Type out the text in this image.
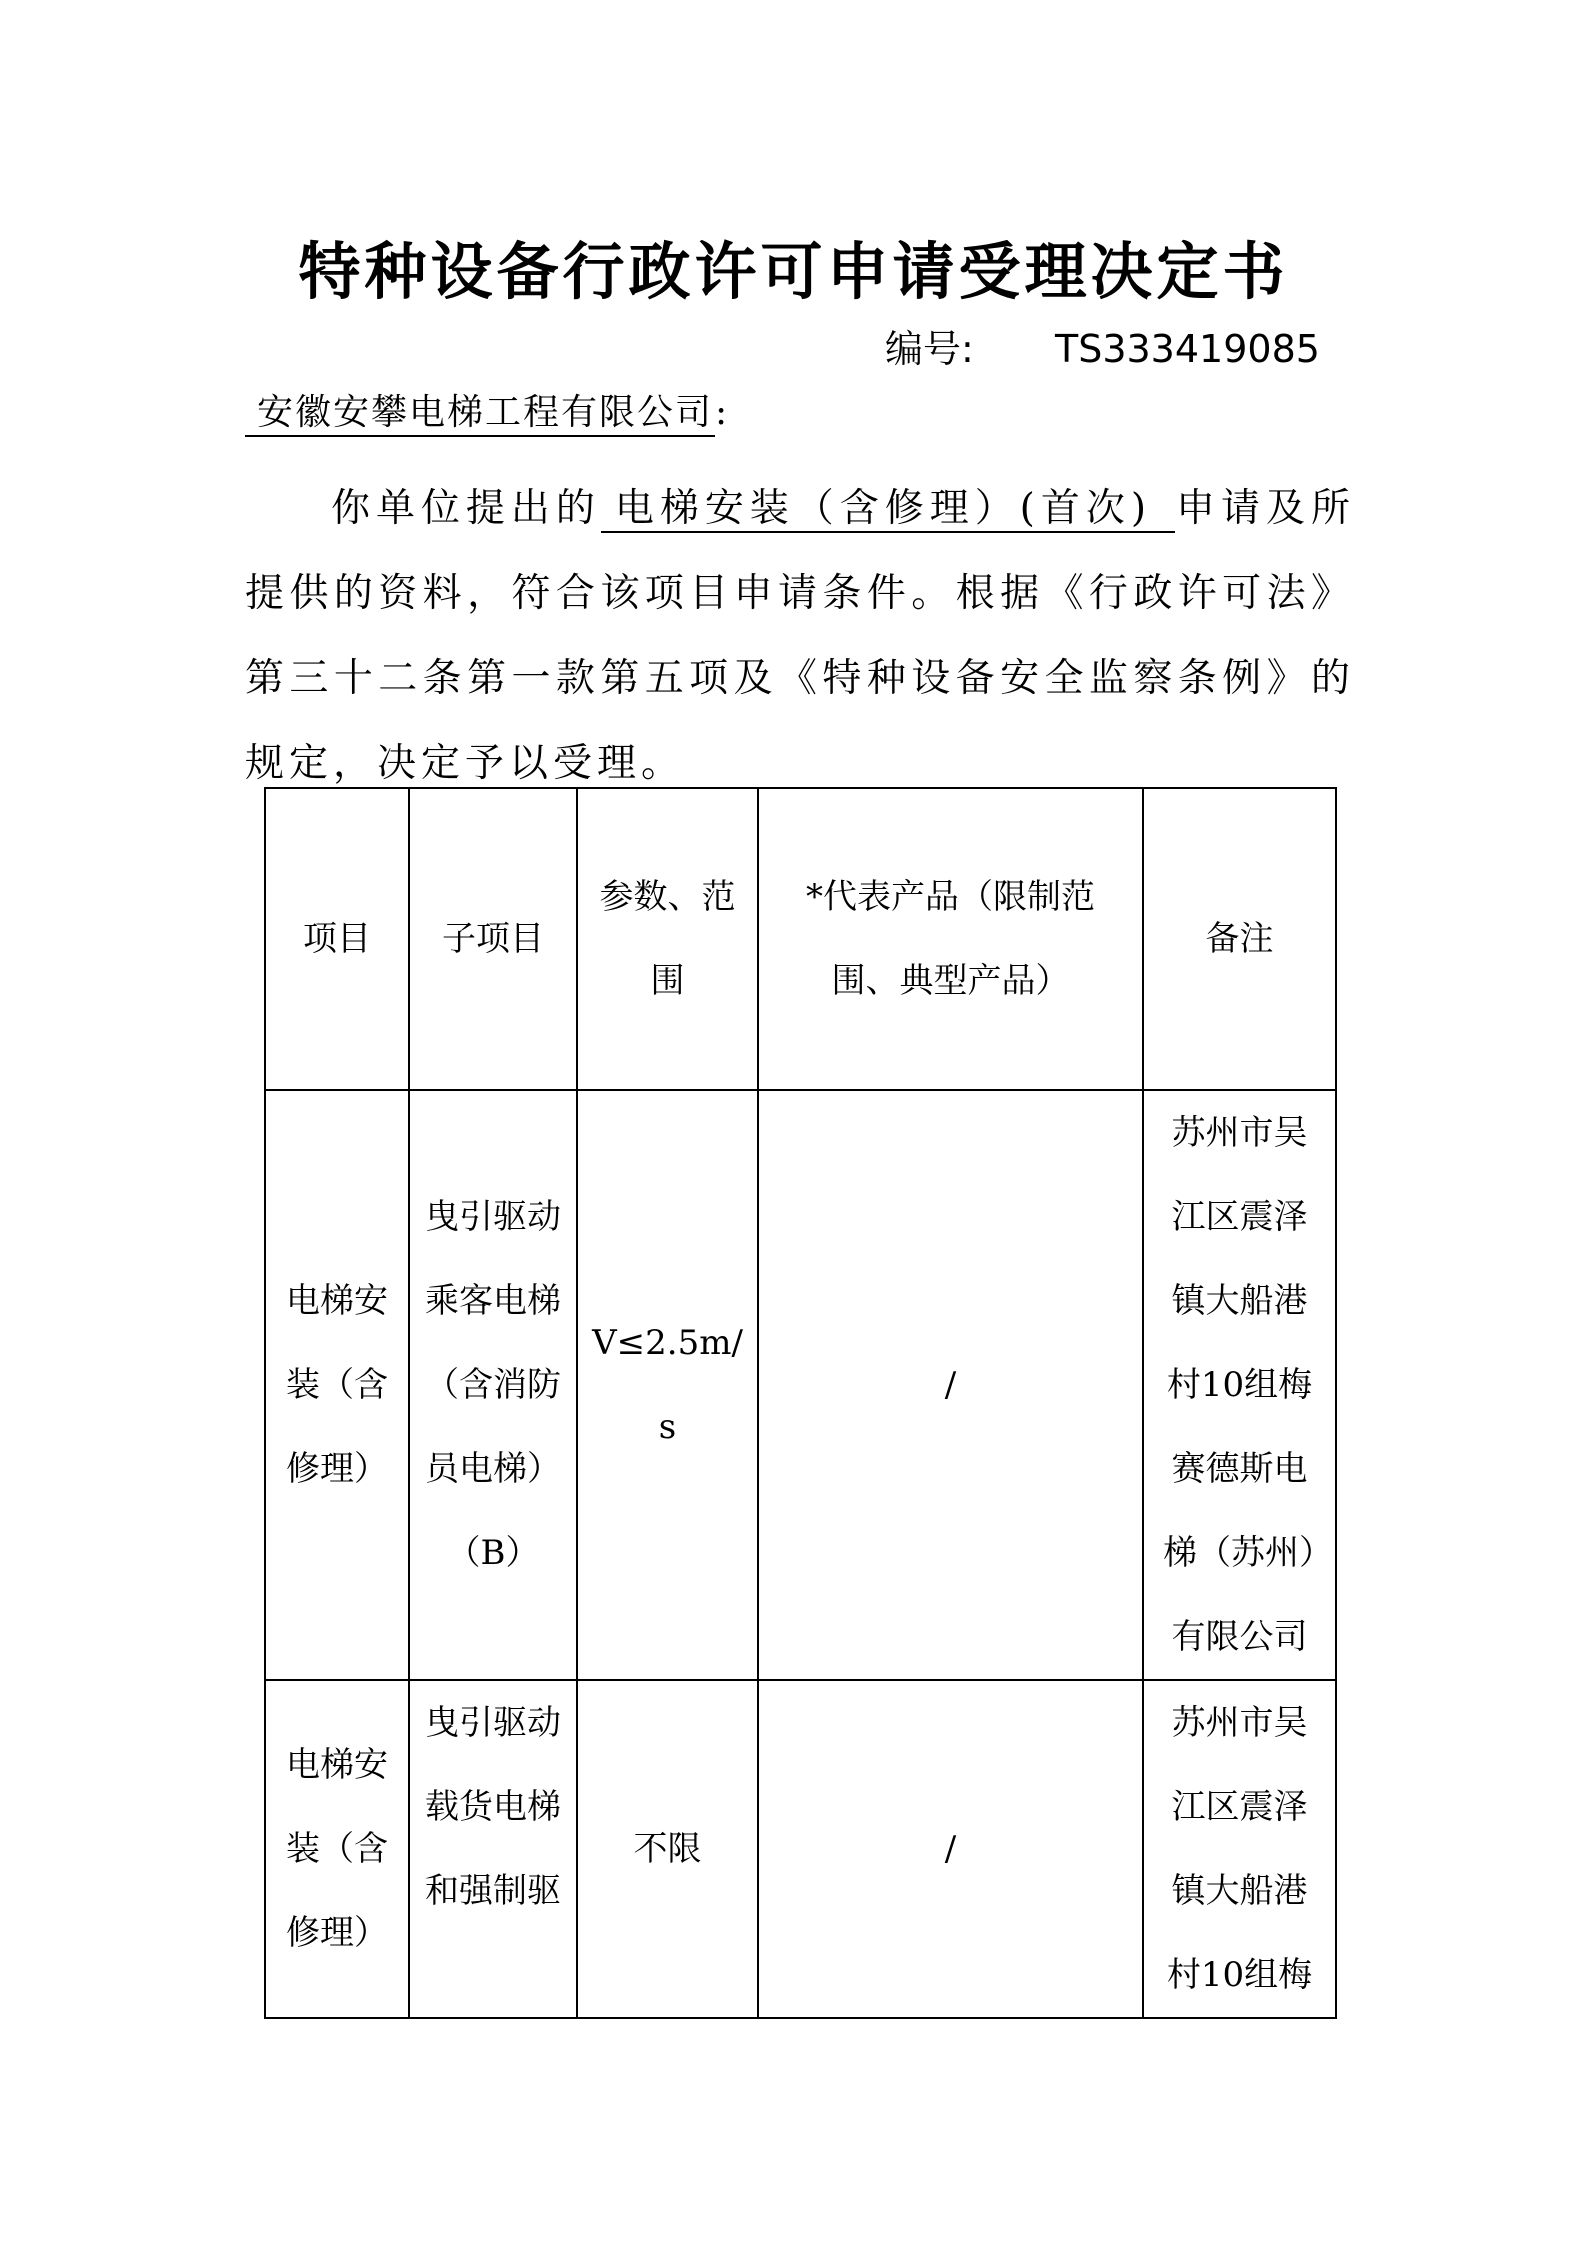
特种设备行政许可申请受理决定书
编号: TS333419085
安徽安攀电梯工程有限公司:
你单位提出的 电梯安装（含修理）(首次) 申请及所提供的资料，符合该项目申请条件。根据《行政许可法》第三十二条第一款第五项及《特种设备安全监察条例》的规定，决定予以受理。
项目	子项目	参数、范围	*代表产品（限制范围、典型产品）	备注

电梯安装（含修理）	曳引驱动乘客电梯（含消防员电梯）（B）	V≤2.5m/s	/	苏州市吴江区震泽镇大船港村10组梅赛德斯电梯（苏州）有限公司

电梯安装（含修理）	曳引驱动载货电梯和强制驱	不限	/	苏州市吴江区震泽镇大船港村10组梅
